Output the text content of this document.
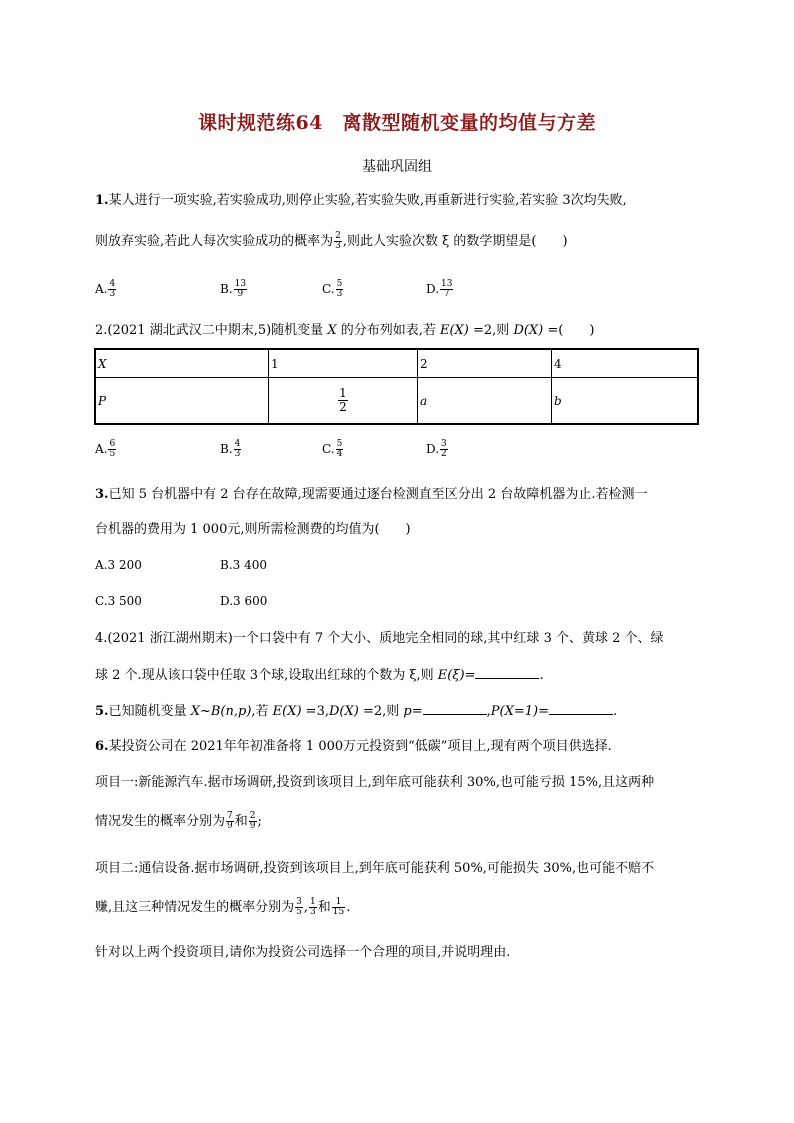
课时规范练64　离散型随机变量的均值与方差
基础巩固组
1.某人进行一项实验,若实验成功,则停止实验,若实验失败,再重新进行实验,若实验 3次均失败,
则放弃实验,若此人每次实验成功的概率为 $\frac{2}{3}$ ,则此人实验次数 ξ 的数学期望是(　　)
A. $\frac{4}{3}$	B. $\frac{13}{9}$	C. $\frac{5}{3}$	D. $\frac{13}{7}$
2.(2021 湖北武汉二中期末,5)随机变量 X 的分布列如表,若 E(X) =2,则 D(X) =(　　)
X	1	2	4
P	$\frac{1}{2}$	a	b
A. $\frac{6}{5}$	B. $\frac{4}{3}$	C. $\frac{5}{4}$	D. $\frac{3}{2}$
3.已知 5 台机器中有 2 台存在故障,现需要通过逐台检测直至区分出 2 台故障机器为止.若检测一
台机器的费用为 1 000元,则所需检测费的均值为(　　)
A.3 200	B.3 400
C.3 500	D.3 600
4.(2021 浙江湖州期末)一个口袋中有 7 个大小、质地完全相同的球,其中红球 3 个、黄球 2 个、绿
球 2 个.现从该口袋中任取 3个球,设取出红球的个数为 ξ,则 E(ξ)=	.
5.已知随机变量 X~B(n,p),若 E(X) =3,D(X) =2,则 p=	,P(X=1)=	.
6.某投资公司在 2021年年初准备将 1 000万元投资到“低碳”项目上,现有两个项目供选择.
项目一:新能源汽车.据市场调研,投资到该项目上,到年底可能获利 30%,也可能亏损 15%,且这两种
情况发生的概率分别为 $\frac{7}{9}$ 和 $\frac{2}{9}$ ;
项目二:通信设备.据市场调研,投资到该项目上,到年底可能获利 50%,可能损失 30%,也可能不赔不
赚,且这三种情况发生的概率分别为 $\frac{3}{5}$ , $\frac{1}{3}$ 和 $\frac{1}{15}$ .
针对以上两个投资项目,请你为投资公司选择一个合理的项目,并说明理由.
